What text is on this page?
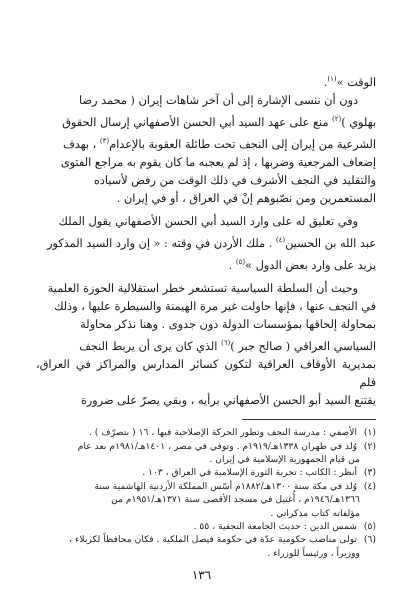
الوقت »$^{(١)}$.

دون أن ننسى الإشارة إلى أن آخر شاهات إيران ( محمد رضا

بهلوي )$^{(٢)}$ منع على عهد السيد أبي الحسن الأصفهاني إرسال الحقوق

الشرعية من إيران إلى النجف تحت طائلة العقوبة بالإعدام$^{(٣)}$ ، بهدف

إضعاف المرجعية وضربها ، إذ لم يعجبه ما كان يقوم به مراجع الفتوى

والتقليد في النجف الأشرف في ذلك الوقت من رفض لأسياده

المستعمرين ومن نصّبوهم إنْ في العراق ، أو في إيران .

وفي تعليق له على وارد السيد أبي الحسن الأصفهاني يقول الملك

عبد الله بن الحسين$^{(٤)}$ . ملك الأردن في وقته : « إن وارد السيد المذكور

يزيد على وارد بعض الدول »$^{(٥)}$ .

وحيث أن السلطة السياسية تستشعر خطر استقلالية الحوزة العلمية

في النجف عنها ، فإنها حاولت غير مرة الهيمنة والسيطرة عليها ، وذلك

بمحاولة إلحاقها بمؤسسات الدولة دون جدوى . وهنا نذكر محاولة

السياسي العراقي ( صالح جبر )$^{(٦)}$ الذي كان يرى أن يربط النجف

بمديرية الأوقاف العراقية لتكون كسائر المدارس والمراكز في العراق، فلم

يقتنع السيد أبو الحسن الأصفهاني برأيه ، وبقي يصرّ على ضرورة

(١) الأصفي : مدرسة النجف وتطور الحركة الإصلاحية فيها ، ١٦ ( بتصرّف ) .

(٢) وُلد في طهران ١٣٣٨هـ/١٩١٩م . وتوفي في مصر ، ١٤٠١هـ/١٩٨١م بعد عام

من قيام الجمهورية الإسلامية في إيران .

(٣) أنظر : الكاتب : تجربة الثورة الإسلامية في العراق ، ١٠٣ .

(٤) وُلد في مكة سنة ١٣٠٠هـ/١٨٨٢م أسّس المملكة الأردنية الهاشمية سنة

١٣٦٦هـ/١٩٤٦م ، أُغتيل في مسجد الأقصى سنة ١٣٧١هـ/١٩٥١م من

مؤلفاته كتاب مذكراتي .

(٥) شمس الدين : حديث الجامعة النجفية ، ٥٥ .

(٦) تولى مناصب حكومية عدّة في حكومة فيصل الملكية . فكان محافظاً لكربلاء ،

ووزيراً ، ورئيساً للوزراء .

١٣٦
